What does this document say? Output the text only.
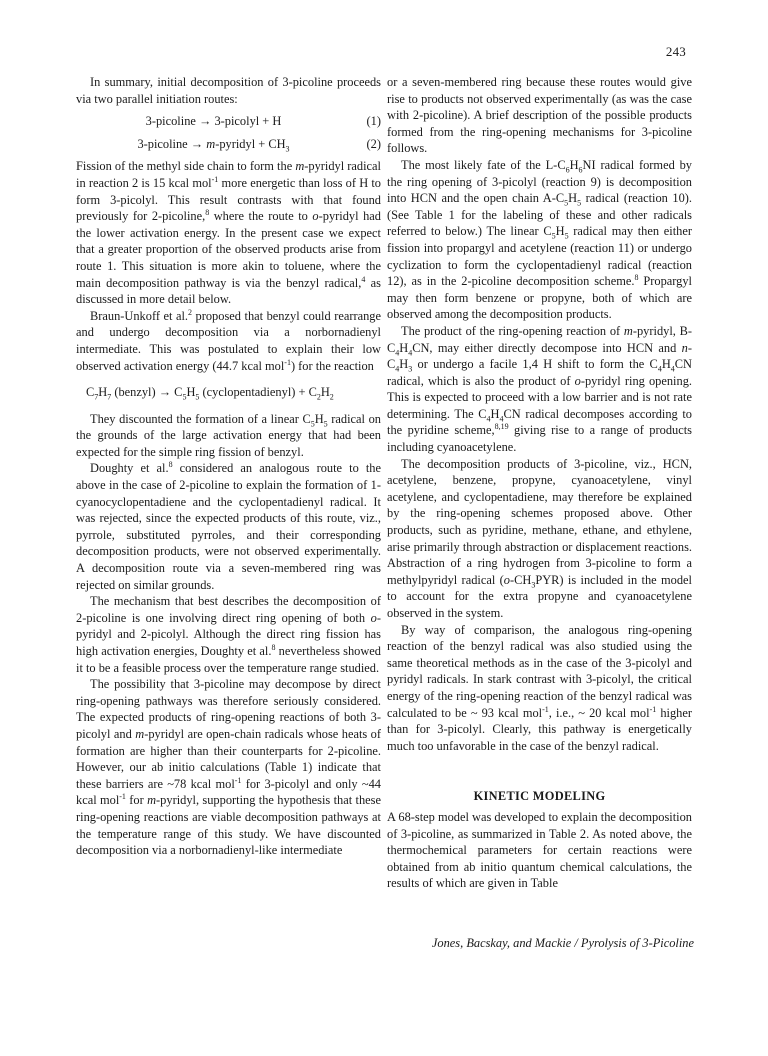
243

In summary, initial decomposition of 3-picoline proceeds via two parallel initiation routes:

3-picoline → 3-picolyl + H	(1)
3-picoline → m-pyridyl + $CH_3$	(2)

Fission of the methyl side chain to form the m-pyridyl radical in reaction 2 is 15 kcal mol$^{-1}$ more energetic than loss of H to form 3-picolyl. This result contrasts with that found previously for 2-picoline,$^8$ where the route to o-pyridyl had the lower activation energy. In the present case we expect that a greater proportion of the observed products arise from route 1. This situation is more akin to toluene, where the main decomposition pathway is via the benzyl radical,$^4$ as discussed in more detail below.

Braun-Unkoff et al.$^2$ proposed that benzyl could rearrange and undergo decomposition via a norbornadienyl intermediate. This was postulated to explain their low observed activation energy (44.7 kcal mol$^{-1}$) for the reaction

$C_7H_7$ (benzyl) → $C_5H_5$ (cyclopentadienyl) + $C_2H_2$

They discounted the formation of a linear $C_5H_5$ radical on the grounds of the large activation energy that had been expected for the simple ring fission of benzyl.

Doughty et al.$^8$ considered an analogous route to the above in the case of 2-picoline to explain the formation of 1-cyanocyclopentadiene and the cyclopentadienyl radical. It was rejected, since the expected products of this route, viz., pyrrole, substituted pyrroles, and their corresponding decomposition products, were not observed experimentally. A decomposition route via a seven-membered ring was rejected on similar grounds.

The mechanism that best describes the decomposition of 2-picoline is one involving direct ring opening of both o-pyridyl and 2-picolyl. Although the direct ring fission has high activation energies, Doughty et al.$^8$ nevertheless showed it to be a feasible process over the temperature range studied.

The possibility that 3-picoline may decompose by direct ring-opening pathways was therefore seriously considered. The expected products of ring-opening reactions of both 3-picolyl and m-pyridyl are open-chain radicals whose heats of formation are higher than their counterparts for 2-picoline. However, our ab initio calculations (Table 1) indicate that these barriers are ~78 kcal mol$^{-1}$ for 3-picolyl and only ~44 kcal mol$^{-1}$ for m-pyridyl, supporting the hypothesis that these ring-opening reactions are viable decomposition pathways at the temperature range of this study. We have discounted decomposition via a norbornadienyl-like intermediate

or a seven-membered ring because these routes would give rise to products not observed experimentally (as was the case with 2-picoline). A brief description of the possible products formed from the ring-opening mechanisms for 3-picoline follows.

The most likely fate of the $L-C_6H_6NI$ radical formed by the ring opening of 3-picolyl (reaction 9) is decomposition into HCN and the open chain $A-C_5H_5$ radical (reaction 10). (See Table 1 for the labeling of these and other radicals referred to below.) The linear $C_5H_5$ radical may then either fission into propargyl and acetylene (reaction 11) or undergo cyclization to form the cyclopentadienyl radical (reaction 12), as in the 2-picoline decomposition scheme.$^8$ Propargyl may then form benzene or propyne, both of which are observed among the decomposition products.

The product of the ring-opening reaction of m-pyridyl, $B-C_4H_4CN$, may either directly decompose into HCN and $n-C_4H_3$ or undergo a facile 1,4 H shift to form the $C_4H_4CN$ radical, which is also the product of o-pyridyl ring opening. This is expected to proceed with a low barrier and is not rate determining. The $C_4H_4CN$ radical decomposes according to the pyridine scheme,$^{8,19}$ giving rise to a range of products including cyanoacetylene.

The decomposition products of 3-picoline, viz., HCN, acetylene, benzene, propyne, cyanoacetylene, vinyl acetylene, and cyclopentadiene, may therefore be explained by the ring-opening schemes proposed above. Other products, such as pyridine, methane, ethane, and ethylene, arise primarily through abstraction or displacement reactions. Abstraction of a ring hydrogen from 3-picoline to form a methylpyridyl radical $(o-CH_3PYR)$ is included in the model to account for the extra propyne and cyanoacetylene observed in the system.

By way of comparison, the analogous ring-opening reaction of the benzyl radical was also studied using the same theoretical methods as in the case of the 3-picolyl and pyridyl radicals. In stark contrast with 3-picolyl, the critical energy of the ring-opening reaction of the benzyl radical was calculated to be ~ 93 kcal mol$^{-1}$, i.e., ~ 20 kcal mol$^{-1}$ higher than for 3-picolyl. Clearly, this pathway is energetically much too unfavorable in the case of the benzyl radical.

KINETIC MODELING

A 68-step model was developed to explain the decomposition of 3-picoline, as summarized in Table 2. As noted above, the thermochemical parameters for certain reactions were obtained from ab initio quantum chemical calculations, the results of which are given in Table

Jones, Bacskay, and Mackie / Pyrolysis of 3-Picoline
